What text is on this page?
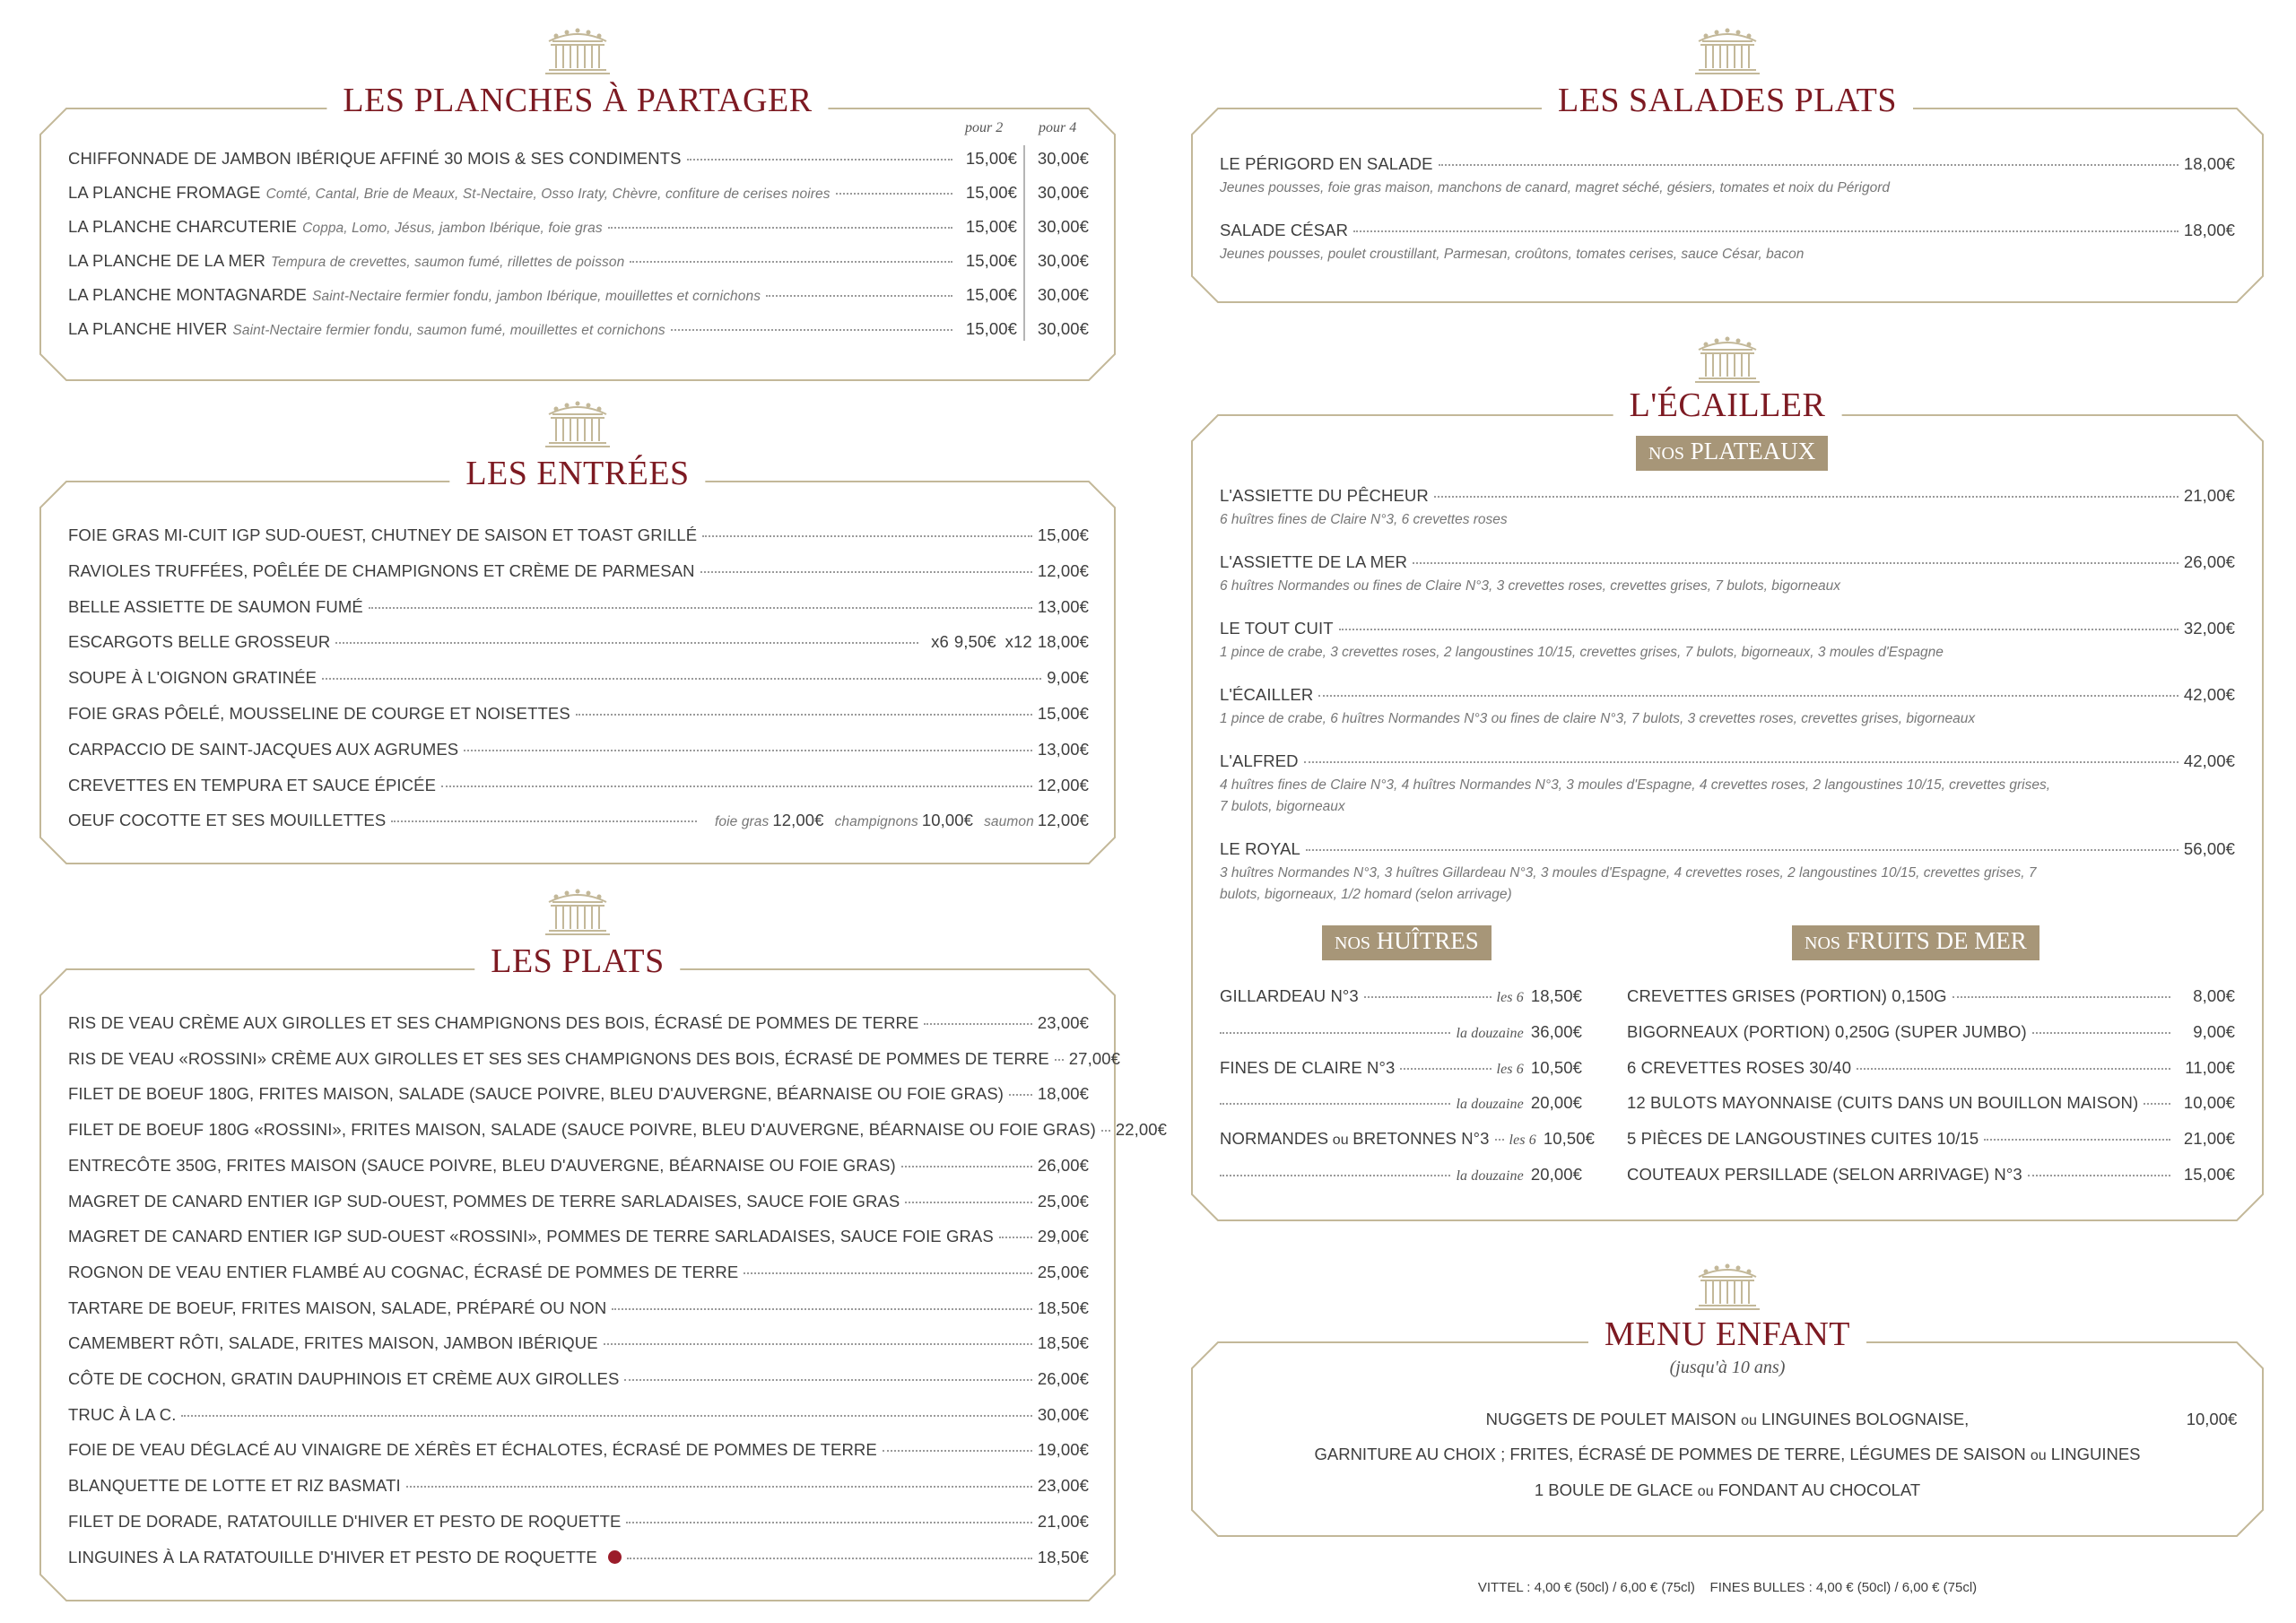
LES PLANCHES À PARTAGER
pour 2 pour 4
CHIFFONNADE DE JAMBON IBÉRIQUE AFFINÉ 30 MOIS & SES CONDIMENTS	15,00€	30,00€
LA PLANCHE FROMAGE Comté, Cantal, Brie de Meaux, St-Nectaire, Osso Iraty, Chèvre, confiture de cerises noires	15,00€	30,00€
LA PLANCHE CHARCUTERIE Coppa, Lomo, Jésus, jambon Ibérique, foie gras	15,00€	30,00€
LA PLANCHE DE LA MER Tempura de crevettes, saumon fumé, rillettes de poisson	15,00€	30,00€
LA PLANCHE MONTAGNARDE Saint-Nectaire fermier fondu, jambon Ibérique, mouillettes et cornichons	15,00€	30,00€
LA PLANCHE HIVER Saint-Nectaire fermier fondu, saumon fumé, mouillettes et cornichons	15,00€	30,00€
LES ENTRÉES
FOIE GRAS MI-CUIT IGP SUD-OUEST, CHUTNEY DE SAISON ET TOAST GRILLÉ	15,00€
RAVIOLES TRUFFÉES, POÊLÉE DE CHAMPIGNONS ET CRÈME DE PARMESAN	12,00€
BELLE ASSIETTE DE SAUMON FUMÉ	13,00€
ESCARGOTS BELLE GROSSEUR	x6 9,50€ x12 18,00€
SOUPE À L'OIGNON GRATINÉE	9,00€
FOIE GRAS PÔELÉ, MOUSSELINE DE COURGE ET NOISETTES	15,00€
CARPACCIO DE SAINT-JACQUES AUX AGRUMES	13,00€
CREVETTES EN TEMPURA ET SAUCE ÉPICÉE	12,00€
OEUF COCOTTE ET SES MOUILLETTES	foie gras 12,00€ champignons 10,00€ saumon 12,00€
LES PLATS
RIS DE VEAU CRÈME AUX GIROLLES ET SES CHAMPIGNONS DES BOIS, ÉCRASÉ DE POMMES DE TERRE	23,00€
RIS DE VEAU «ROSSINI» CRÈME AUX GIROLLES ET SES SES CHAMPIGNONS DES BOIS, ÉCRASÉ DE POMMES DE TERRE 27,00€
FILET DE BOEUF 180G, FRITES MAISON, SALADE (SAUCE POIVRE, BLEU D'AUVERGNE, BÉARNAISE OU FOIE GRAS) 18,00€
FILET DE BOEUF 180G «ROSSINI», FRITES MAISON, SALADE (SAUCE POIVRE, BLEU D'AUVERGNE, BÉARNAISE OU FOIE GRAS) 22,00€
ENTRECÔTE 350G, FRITES MAISON (SAUCE POIVRE, BLEU D'AUVERGNE, BÉARNAISE OU FOIE GRAS)	26,00€
MAGRET DE CANARD ENTIER IGP SUD-OUEST, POMMES DE TERRE SARLADAISES, SAUCE FOIE GRAS	25,00€
MAGRET DE CANARD ENTIER IGP SUD-OUEST «ROSSINI», POMMES DE TERRE SARLADAISES, SAUCE FOIE GRAS	29,00€
ROGNON DE VEAU ENTIER FLAMBÉ AU COGNAC, ÉCRASÉ DE POMMES DE TERRE	25,00€
TARTARE DE BOEUF, FRITES MAISON, SALADE, PRÉPARÉ OU NON	18,50€
CAMEMBERT RÔTI, SALADE, FRITES MAISON, JAMBON IBÉRIQUE	18,50€
CÔTE DE COCHON, GRATIN DAUPHINOIS ET CRÈME AUX GIROLLES	26,00€
TRUC À LA C.	30,00€
FOIE DE VEAU DÉGLACÉ AU VINAIGRE DE XÉRÈS ET ÉCHALOTES, ÉCRASÉ DE POMMES DE TERRE	19,00€
BLANQUETTE DE LOTTE ET RIZ BASMATI	23,00€
FILET DE DORADE, RATATOUILLE D'HIVER ET PESTO DE ROQUETTE	21,00€
LINGUINES À LA RATATOUILLE D'HIVER ET PESTO DE ROQUETTE	18,50€
LES SALADES PLATS
LE PÉRIGORD EN SALADE	18,00€
Jeunes pousses, foie gras maison, manchons de canard, magret séché, gésiers, tomates et noix du Périgord
SALADE CÉSAR	18,00€
Jeunes pousses, poulet croustillant, Parmesan, croûtons, tomates cerises, sauce César, bacon
L'ÉCAILLER
NOS PLATEAUX
L'ASSIETTE DU PÊCHEUR	21,00€
6 huîtres fines de Claire N°3, 6 crevettes roses
L'ASSIETTE DE LA MER	26,00€
6 huîtres Normandes ou fines de Claire N°3, 3 crevettes roses, crevettes grises, 7 bulots, bigorneaux
LE TOUT CUIT	32,00€
1 pince de crabe, 3 crevettes roses, 2 langoustines 10/15, crevettes grises, 7 bulots, bigorneaux, 3 moules d'Espagne
L'ÉCAILLER	42,00€
1 pince de crabe, 6 huîtres Normandes N°3 ou fines de claire N°3, 7 bulots, 3 crevettes roses, crevettes grises, bigorneaux
L'ALFRED	42,00€
4 huîtres fines de Claire N°3, 4 huîtres Normandes N°3, 3 moules d'Espagne, 4 crevettes roses, 2 langoustines 10/15, crevettes grises,
7 bulots, bigorneaux
LE ROYAL	56,00€
3 huîtres Normandes N°3, 3 huîtres Gillardeau N°3, 3 moules d'Espagne, 4 crevettes roses, 2 langoustines 10/15, crevettes grises, 7
bulots, bigorneaux, 1/2 homard (selon arrivage)
NOS HUÎTRES	NOS FRUITS DE MER
GILLARDEAU N°3	les 6 18,50€
la douzaine 36,00€
FINES DE CLAIRE N°3	les 6 10,50€
la douzaine 20,00€
NORMANDES ou BRETONNES N°3 les 6 10,50€
la douzaine 20,00€
CREVETTES GRISES (PORTION) 0,150G	8,00€
BIGORNEAUX (PORTION) 0,250G (SUPER JUMBO)	9,00€
6 CREVETTES ROSES 30/40	11,00€
12 BULOTS MAYONNAISE (CUITS DANS UN BOUILLON MAISON)	10,00€
5 PIÈCES DE LANGOUSTINES CUITES 10/15	21,00€
COUTEAUX PERSILLADE (SELON ARRIVAGE) N°3	15,00€
MENU ENFANT
(jusqu'à 10 ans)
NUGGETS DE POULET MAISON ou LINGUINES BOLOGNAISE,	10,00€
GARNITURE AU CHOIX ; FRITES, ÉCRASÉ DE POMMES DE TERRE, LÉGUMES DE SAISON ou LINGUINES
1 BOULE DE GLACE ou FONDANT AU CHOCOLAT
VITTEL : 4,00 € (50cl) / 6,00 € (75cl)    FINES BULLES : 4,00 € (50cl) / 6,00 € (75cl)
